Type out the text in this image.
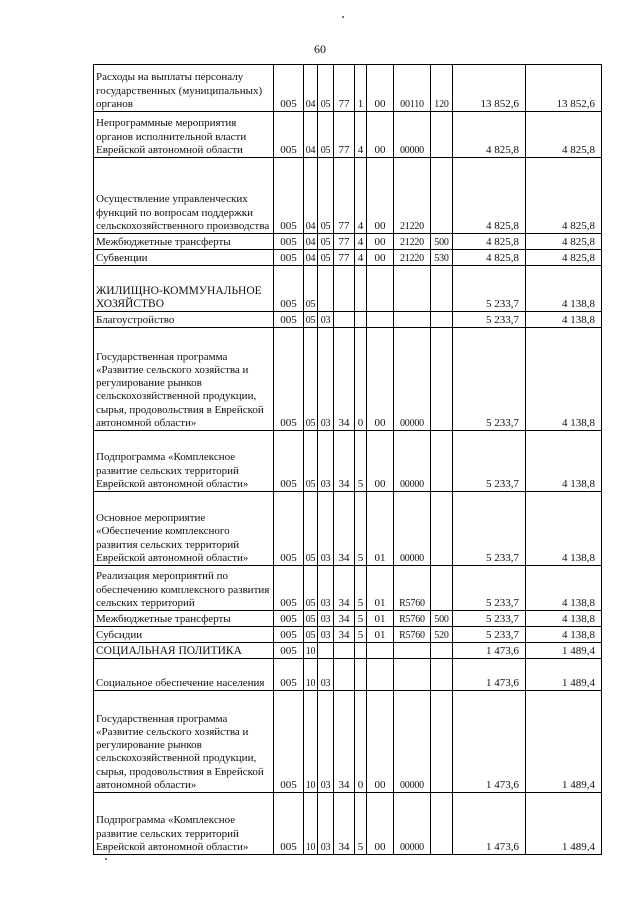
60
Расходы на выплаты персоналу государственных (муниципальных) органов	005	04	05	77	1	00	00110	120	13 852,6	13 852,6
Непрограммные мероприятия органов исполнительной власти Еврейской автономной области	005	04	05	77	4	00	00000		4 825,8	4 825,8
Осуществление управленческих функций по вопросам поддержки сельскохозяйственного производства	005	04	05	77	4	00	21220		4 825,8	4 825,8
Межбюджетные трансферты	005	04	05	77	4	00	21220	500	4 825,8	4 825,8
Субвенции	005	04	05	77	4	00	21220	530	4 825,8	4 825,8
ЖИЛИЩНО-КОММУНАЛЬНОЕ ХОЗЯЙСТВО	005	05							5 233,7	4 138,8
Благоустройство	005	05	03						5 233,7	4 138,8
Государственная программа «Развитие сельского хозяйства и регулирование рынков сельскохозяйственной продукции, сырья, продовольствия в Еврейской автономной области»	005	05	03	34	0	00	00000		5 233,7	4 138,8
Подпрограмма «Комплексное развитие сельских территорий Еврейской автономной области»	005	05	03	34	5	00	00000		5 233,7	4 138,8
Основное мероприятие «Обеспечение комплексного развития сельских территорий Еврейской автономной области»	005	05	03	34	5	01	00000		5 233,7	4 138,8
Реализация мероприятий по обеспечению комплексного развития сельских территорий	005	05	03	34	5	01	R5760		5 233,7	4 138,8
Межбюджетные трансферты	005	05	03	34	5	01	R5760	500	5 233,7	4 138,8
Субсидии	005	05	03	34	5	01	R5760	520	5 233,7	4 138,8
СОЦИАЛЬНАЯ ПОЛИТИКА	005	10							1 473,6	1 489,4
Социальное обеспечение населения	005	10	03						1 473,6	1 489,4
Государственная программа «Развитие сельского хозяйства и регулирование рынков сельскохозяйственной продукции, сырья, продовольствия в Еврейской автономной области»	005	10	03	34	0	00	00000		1 473,6	1 489,4
Подпрограмма «Комплексное развитие сельских территорий Еврейской автономной области»	005	10	03	34	5	00	00000		1 473,6	1 489,4
